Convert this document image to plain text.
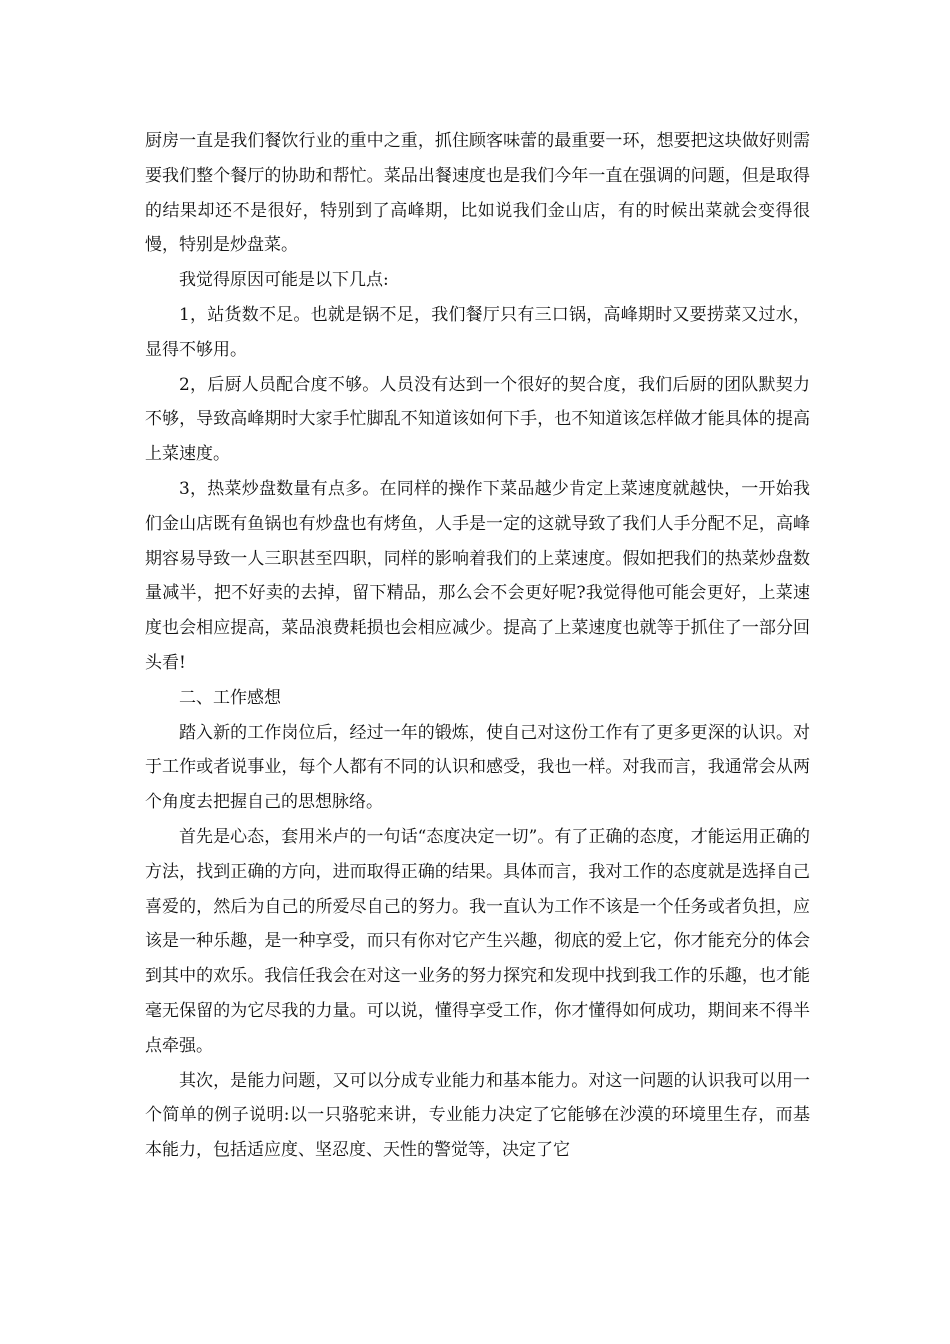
厨房一直是我们餐饮行业的重中之重，抓住顾客味蕾的最重要一环，想要把这块做好则需要我们整个餐厅的协助和帮忙。菜品出餐速度也是我们今年一直在强调的问题，但是取得的结果却还不是很好，特别到了高峰期，比如说我们金山店，有的时候出菜就会变得很慢，特别是炒盘菜。

我觉得原因可能是以下几点:

1，站货数不足。也就是锅不足，我们餐厅只有三口锅，高峰期时又要捞菜又过水，显得不够用。

2，后厨人员配合度不够。人员没有达到一个很好的契合度，我们后厨的团队默契力不够，导致高峰期时大家手忙脚乱不知道该如何下手，也不知道该怎样做才能具体的提高上菜速度。

3，热菜炒盘数量有点多。在同样的操作下菜品越少肯定上菜速度就越快，一开始我们金山店既有鱼锅也有炒盘也有烤鱼，人手是一定的这就导致了我们人手分配不足，高峰期容易导致一人三职甚至四职，同样的影响着我们的上菜速度。假如把我们的热菜炒盘数量减半，把不好卖的去掉，留下精品，那么会不会更好呢?我觉得他可能会更好，上菜速度也会相应提高，菜品浪费耗损也会相应减少。提高了上菜速度也就等于抓住了一部分回头看!

二、工作感想

踏入新的工作岗位后，经过一年的锻炼，使自己对这份工作有了更多更深的认识。对于工作或者说事业，每个人都有不同的认识和感受，我也一样。对我而言，我通常会从两个角度去把握自己的思想脉络。

首先是心态，套用米卢的一句话“态度决定一切”。有了正确的态度，才能运用正确的方法，找到正确的方向，进而取得正确的结果。具体而言，我对工作的态度就是选择自己喜爱的，然后为自己的所爱尽自己的努力。我一直认为工作不该是一个任务或者负担，应该是一种乐趣，是一种享受，而只有你对它产生兴趣，彻底的爱上它，你才能充分的体会到其中的欢乐。我信任我会在对这一业务的努力探究和发现中找到我工作的乐趣，也才能毫无保留的为它尽我的力量。可以说，懂得享受工作，你才懂得如何成功，期间来不得半点牵强。

其次，是能力问题，又可以分成专业能力和基本能力。对这一问题的认识我可以用一个简单的例子说明:以一只骆驼来讲，专业能力决定了它能够在沙漠的环境里生存，而基本能力，包括适应度、坚忍度、天性的警觉等，决定了它
